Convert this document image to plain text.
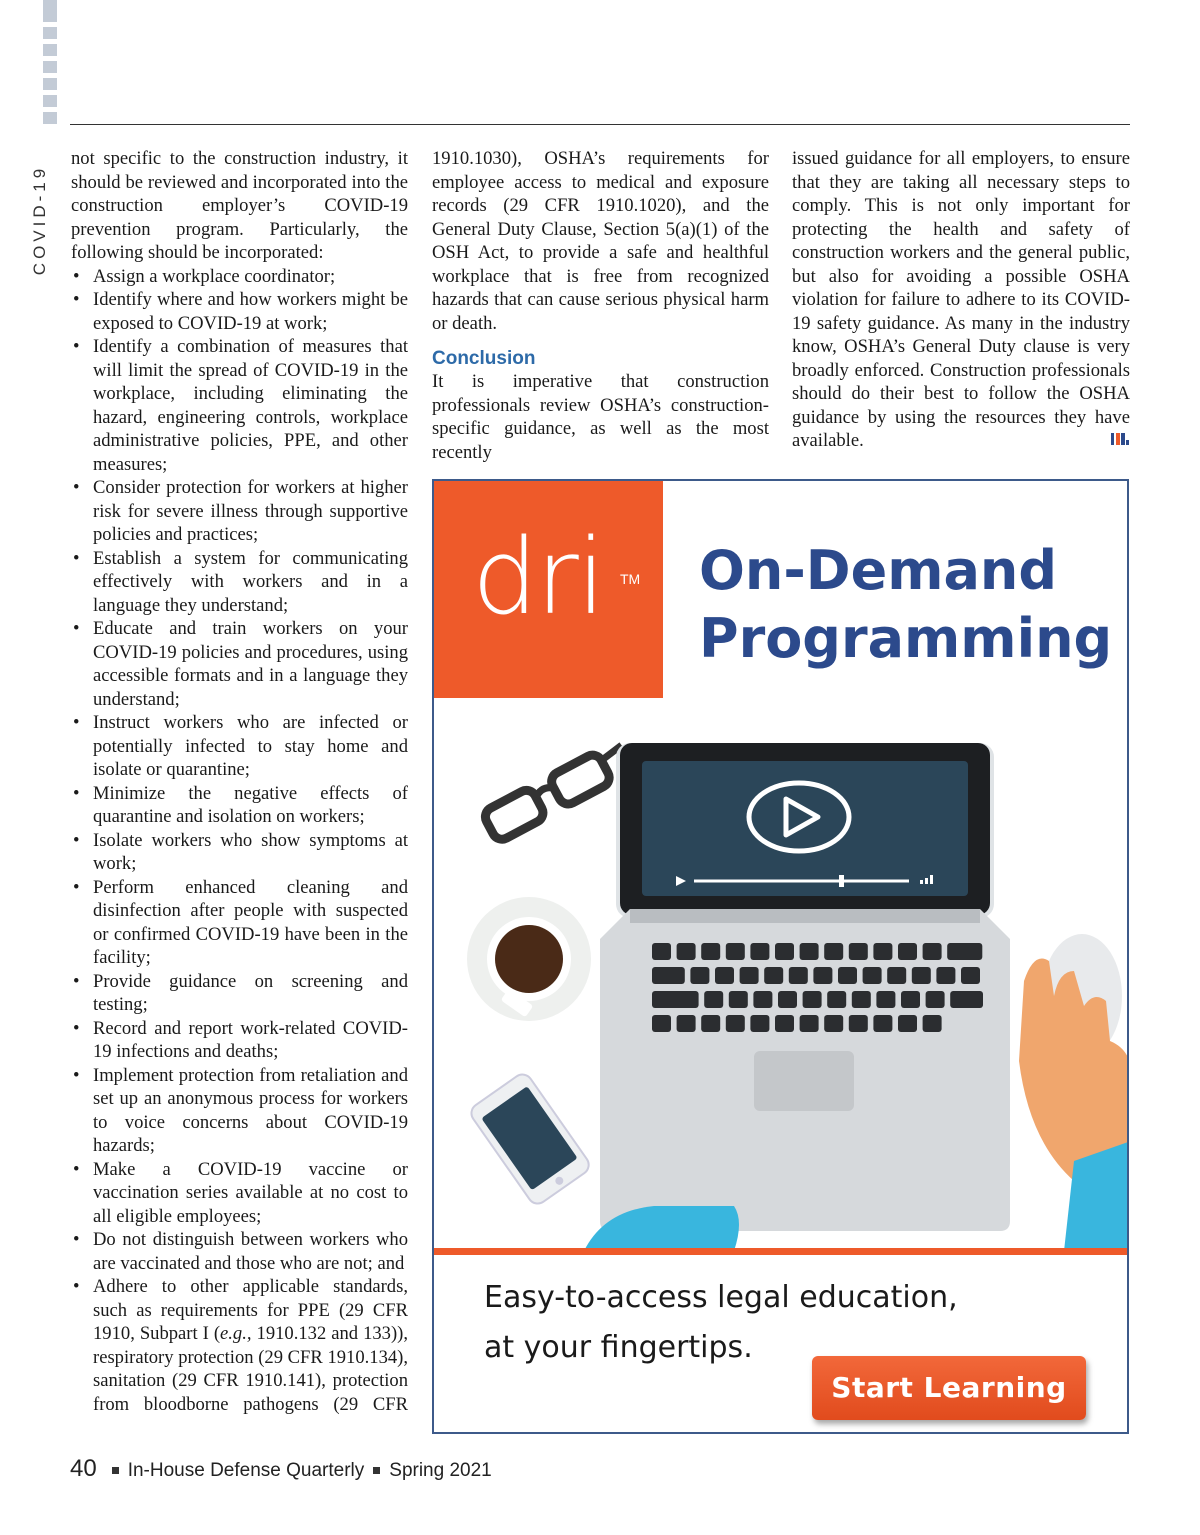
COVID-19

not specific to the construction industry, it should be reviewed and incorporated into the construction employer’s COVID-19 prevention program. Particularly, the following should be incorporated:

• Assign a workplace coordinator;
• Identify where and how workers might be exposed to COVID-19 at work;
• Identify a combination of measures that will limit the spread of COVID-19 in the workplace, including eliminating the hazard, engineering controls, workplace administrative policies, PPE, and other measures;
• Consider protection for workers at higher risk for severe illness through supportive policies and practices;
• Establish a system for communicating effectively with workers and in a language they understand;
• Educate and train workers on your COVID-19 policies and procedures, using accessible formats and in a language they understand;
• Instruct workers who are infected or potentially infected to stay home and isolate or quarantine;
• Minimize the negative effects of quarantine and isolation on workers;
• Isolate workers who show symptoms at work;
• Perform enhanced cleaning and disinfection after people with suspected or confirmed COVID-19 have been in the facility;
• Provide guidance on screening and testing;
• Record and report work-related COVID-19 infections and deaths;
• Implement protection from retaliation and set up an anonymous process for workers to voice concerns about COVID-19 hazards;
• Make a COVID-19 vaccine or vaccination series available at no cost to all eligible employees;
• Do not distinguish between workers who are vaccinated and those who are not; and
• Adhere to other applicable standards, such as requirements for PPE (29 CFR 1910, Subpart I (e.g., 1910.132 and 133)), respiratory protection (29 CFR 1910.134), sanitation (29 CFR 1910.141), protection from bloodborne pathogens (29 CFR

1910.1030), OSHA’s requirements for employee access to medical and exposure records (29 CFR 1910.1020), and the General Duty Clause, Section 5(a)(1) of the OSH Act, to provide a safe and healthful workplace that is free from recognized hazards that can cause serious physical harm or death.

Conclusion

It is imperative that construction professionals review OSHA’s construction-specific guidance, as well as the most recently

issued guidance for all employers, to ensure that they are taking all necessary steps to comply. This is not only important for protecting the health and safety of construction workers and the general public, but also for avoiding a possible OSHA violation for failure to adhere to its COVID-19 safety guidance. As many in the industry know, OSHA’s General Duty clause is very broadly enforced. Construction professionals should do their best to follow the OSHA guidance by using the resources they have available.

dri TM On-Demand
Programming
Easy-to-access legal education,
at your fingertips.
Start Learning
40 In-House Defense Quarterly Spring 2021
